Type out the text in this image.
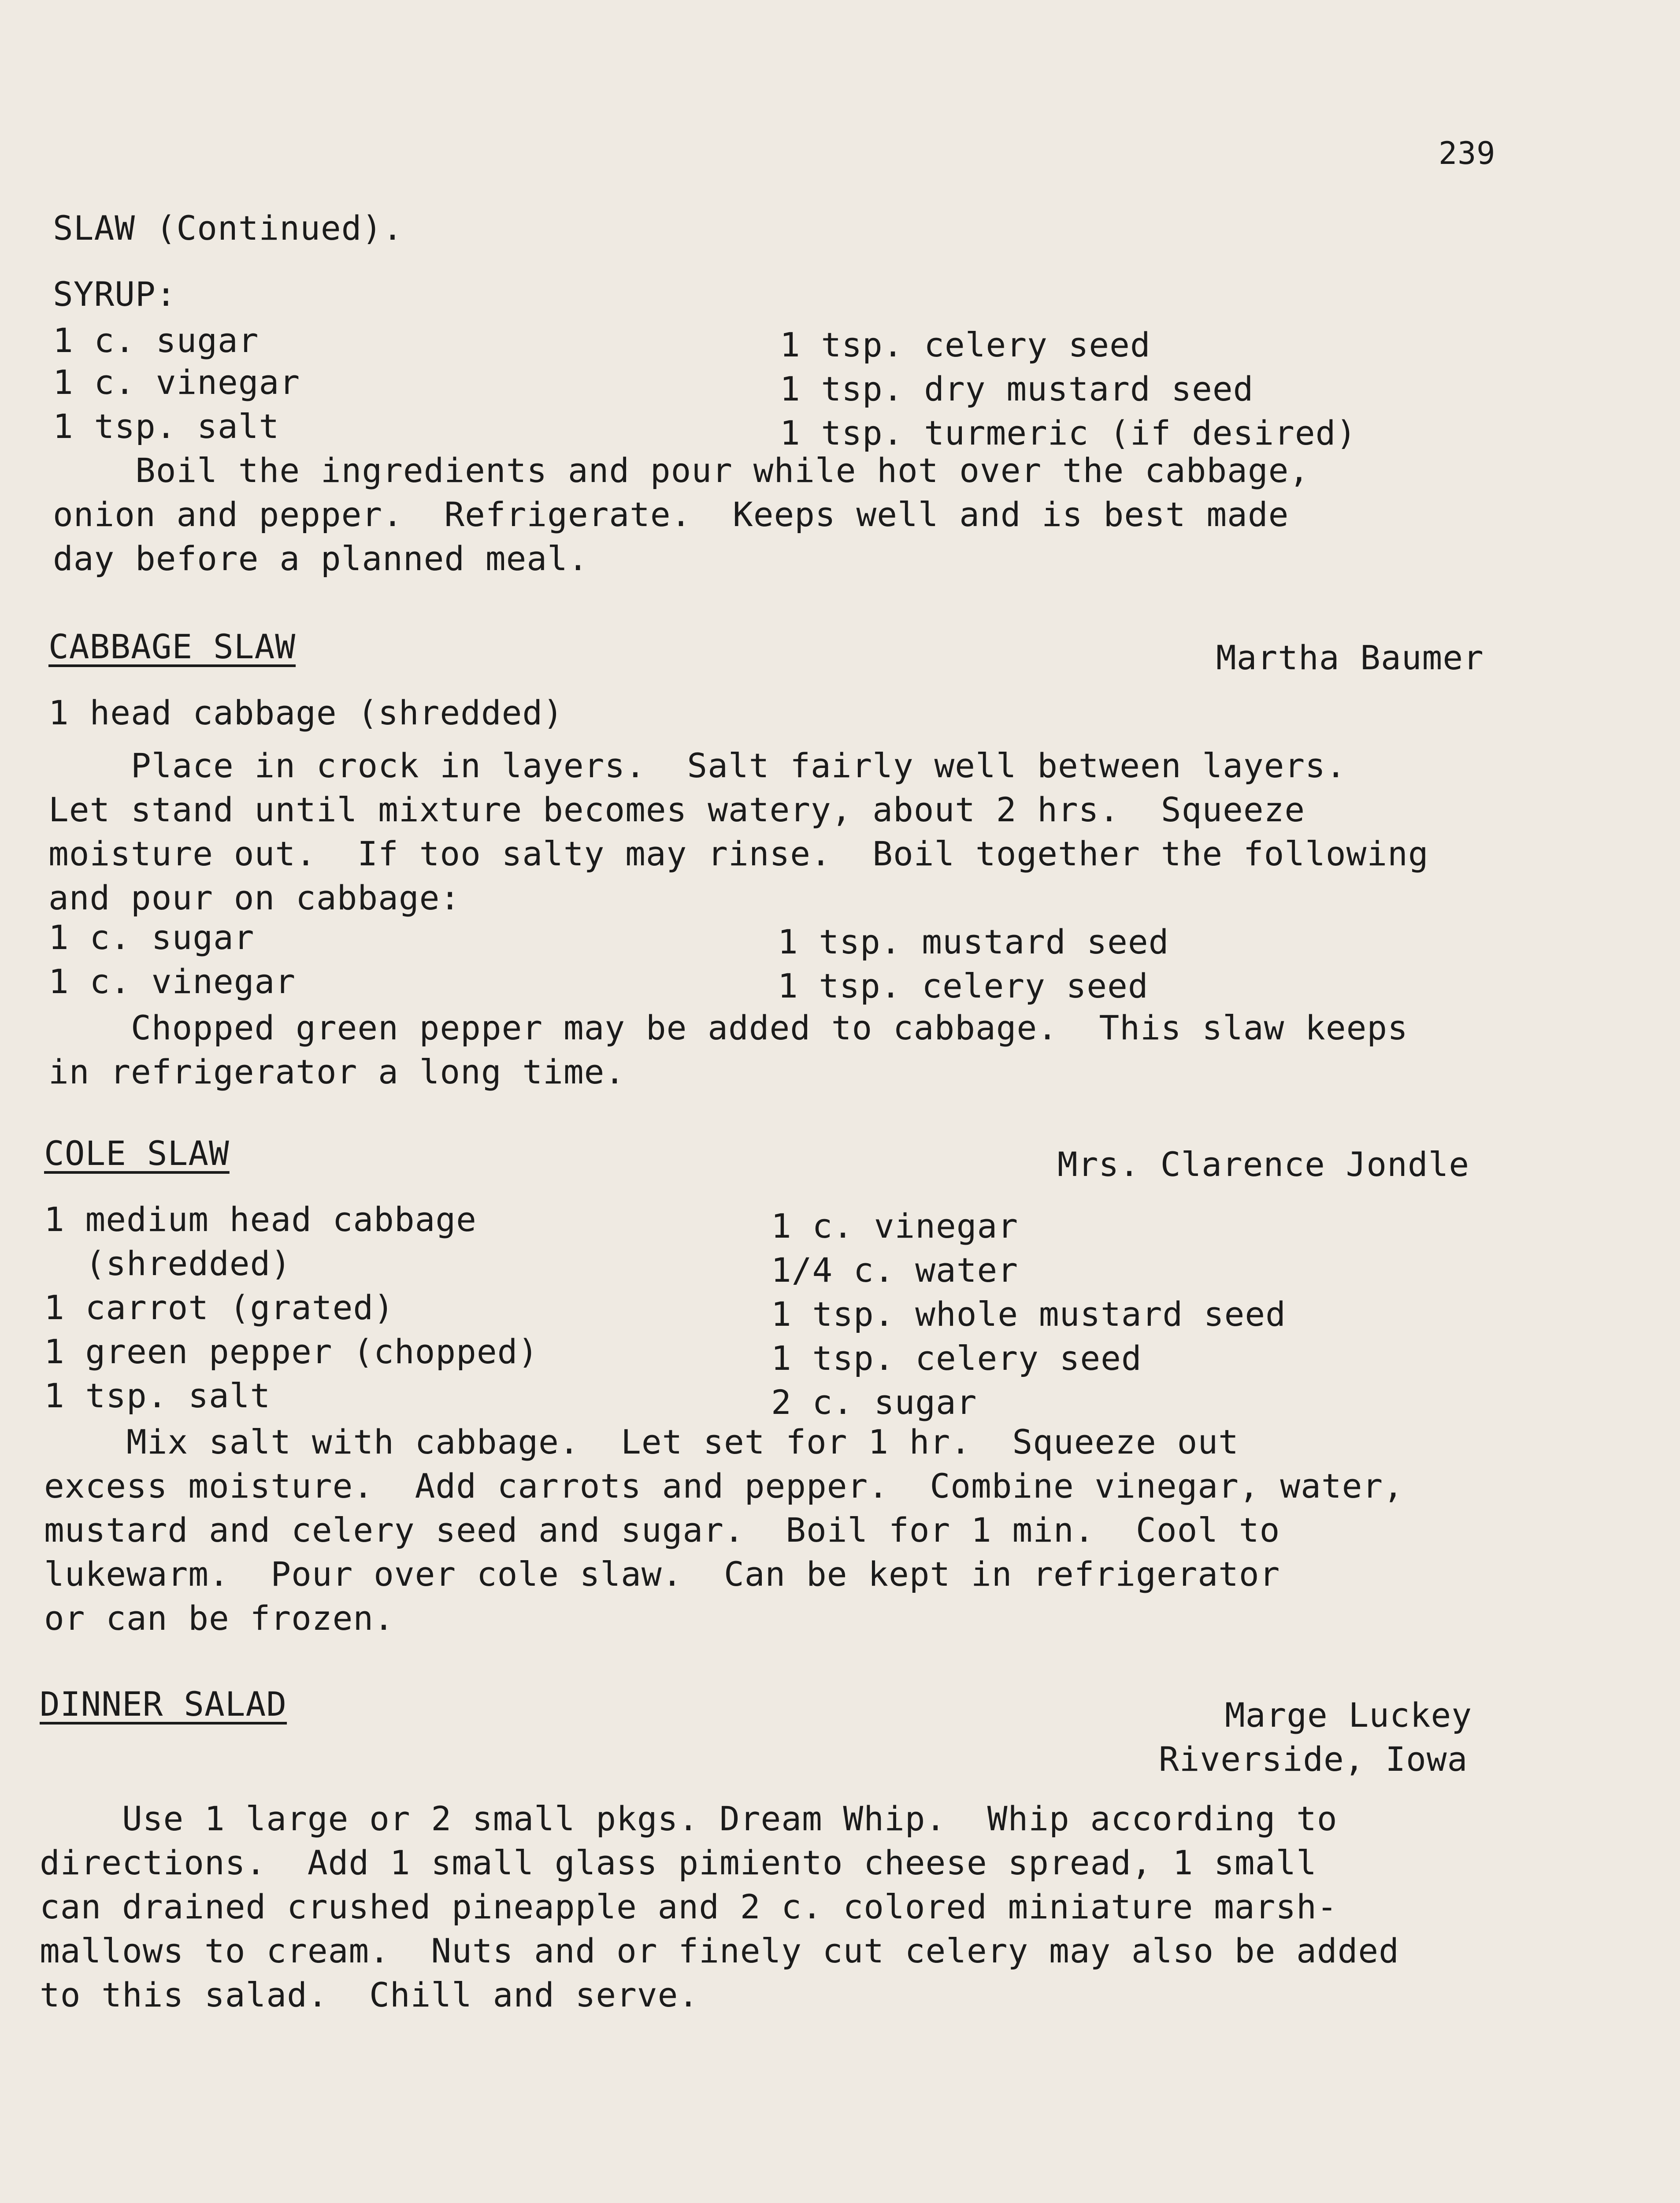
239
SLAW (Continued).
SYRUP:
1 c. sugar
1 c. vinegar
1 tsp. salt
1 tsp. celery seed
1 tsp. dry mustard seed
1 tsp. turmeric (if desired)
Boil the ingredients and pour while hot over the cabbage,
onion and pepper.  Refrigerate.  Keeps well and is best made
day before a planned meal.
CABBAGE SLAW	Martha Baumer
1 head cabbage (shredded)
Place in crock in layers.  Salt fairly well between layers.
Let stand until mixture becomes watery, about 2 hrs.  Squeeze
moisture out.  If too salty may rinse.  Boil together the following
and pour on cabbage:
1 c. sugar
1 c. vinegar
1 tsp. mustard seed
1 tsp. celery seed
Chopped green pepper may be added to cabbage.  This slaw keeps
in refrigerator a long time.
COLE SLAW	Mrs. Clarence Jondle
1 medium head cabbage
(shredded)
1 carrot (grated)
1 green pepper (chopped)
1 tsp. salt
1 c. vinegar
1/4 c. water
1 tsp. whole mustard seed
1 tsp. celery seed
2 c. sugar
Mix salt with cabbage.  Let set for 1 hr.  Squeeze out
excess moisture.  Add carrots and pepper.  Combine vinegar, water,
mustard and celery seed and sugar.  Boil for 1 min.  Cool to
lukewarm.  Pour over cole slaw.  Can be kept in refrigerator
or can be frozen.
DINNER SALAD	Marge Luckey
Riverside, Iowa
Use 1 large or 2 small pkgs. Dream Whip.  Whip according to
directions.  Add 1 small glass pimiento cheese spread, 1 small
can drained crushed pineapple and 2 c. colored miniature marsh-
mallows to cream.  Nuts and or finely cut celery may also be added
to this salad.  Chill and serve.
